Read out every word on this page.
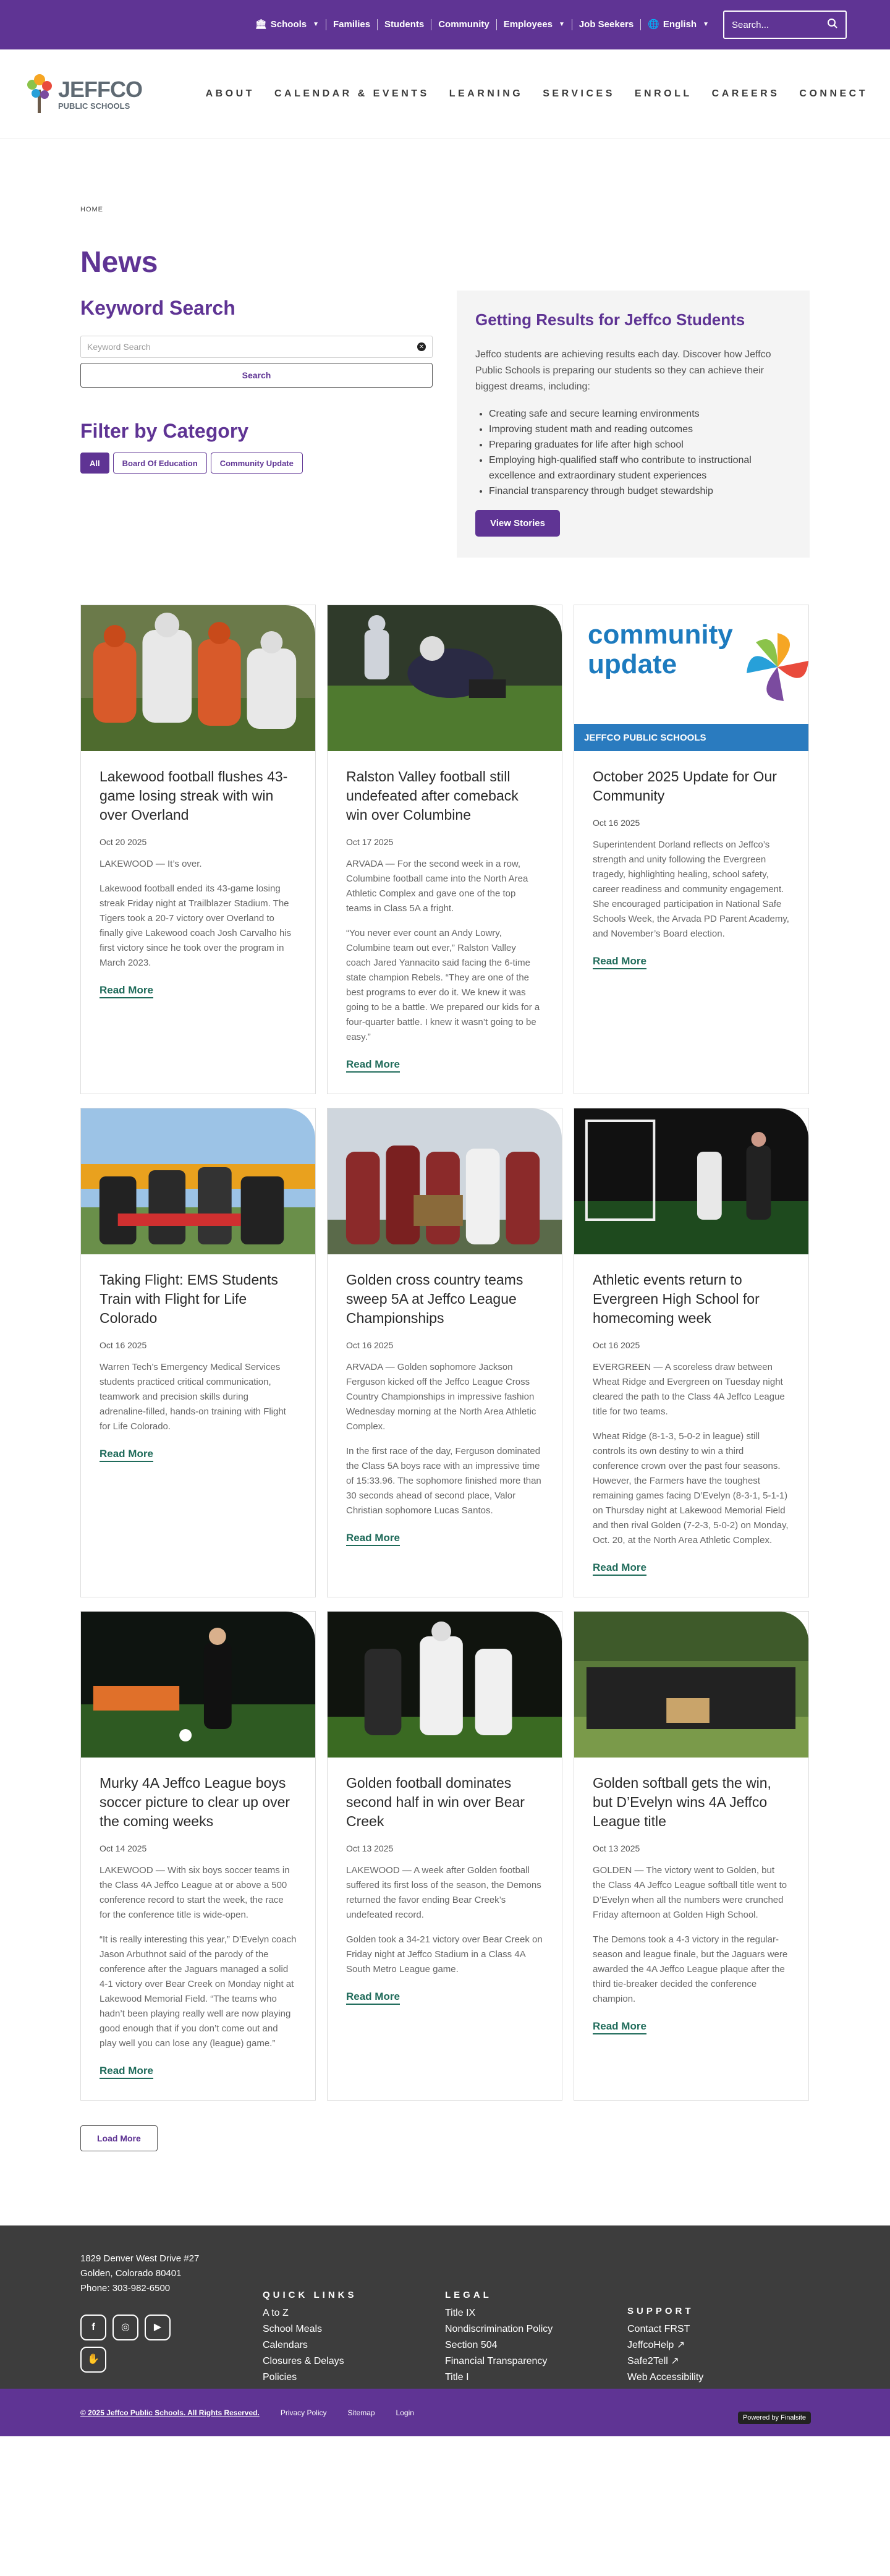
🏛 Schools ▼ Families Students Community Employees ▼ Job Seekers 🌐 English ▼ Search...
JEFFCO
PUBLIC SCHOOLS
ABOUT CALENDAR & EVENTS LEARNING SERVICES ENROLL CAREERS CONNECT
HOME
News
Keyword Search
Keyword Search	✕
Search
Filter by Category
All	Board Of Education	Community Update
Getting Results for Jeffco Students

Jeffco students are achieving results each day. Discover how Jeffco Public Schools is preparing our students so they can achieve their biggest dreams, including:

• Creating safe and secure learning environments
• Improving student math and reading outcomes
• Preparing graduates for life after high school
• Employing high-qualified staff who contribute to instructional excellence and extraordinary student experiences
• Financial transparency through budget stewardship
View Stories
Lakewood football flushes 43-game losing streak with win over Overland
Oct 20 2025

LAKEWOOD — It’s over.

Lakewood football ended its 43-game losing streak Friday night at Trailblazer Stadium. The Tigers took a 20-7 victory over Overland to finally give Lakewood coach Josh Carvalho his first victory since he took over the program in March 2023.

Read More
Ralston Valley football still undefeated after comeback win over Columbine
Oct 17 2025

ARVADA — For the second week in a row, Columbine football came into the North Area Athletic Complex and gave one of the top teams in Class 5A a fright.

“You never ever count an Andy Lowry, Columbine team out ever,” Ralston Valley coach Jared Yannacito said facing the 6-time state champion Rebels. “They are one of the best programs to ever do it. We knew it was going to be a battle. We prepared our kids for a four-quarter battle. I knew it wasn’t going to be easy.”

Read More
community
update
JEFFCO PUBLIC SCHOOLS
October 2025 Update for Our Community
Oct 16 2025

Superintendent Dorland reflects on Jeffco’s strength and unity following the Evergreen tragedy, highlighting healing, school safety, career readiness and community engagement. She encouraged participation in National Safe Schools Week, the Arvada PD Parent Academy, and November’s Board election.

Read More
Taking Flight: EMS Students Train with Flight for Life Colorado
Oct 16 2025

Warren Tech’s Emergency Medical Services students practiced critical communication, teamwork and precision skills during adrenaline-filled, hands-on training with Flight for Life Colorado.

Read More
Golden cross country teams sweep 5A at Jeffco League Championships
Oct 16 2025

ARVADA — Golden sophomore Jackson Ferguson kicked off the Jeffco League Cross Country Championships in impressive fashion Wednesday morning at the North Area Athletic Complex.

In the first race of the day, Ferguson dominated the Class 5A boys race with an impressive time of 15:33.96. The sophomore finished more than 30 seconds ahead of second place, Valor Christian sophomore Lucas Santos.

Read More
Athletic events return to Evergreen High School for homecoming week
Oct 16 2025

EVERGREEN — A scoreless draw between Wheat Ridge and Evergreen on Tuesday night cleared the path to the Class 4A Jeffco League title for two teams.

Wheat Ridge (8-1-3, 5-0-2 in league) still controls its own destiny to win a third conference crown over the past four seasons. However, the Farmers have the toughest remaining games facing D’Evelyn (8-3-1, 5-1-1) on Thursday night at Lakewood Memorial Field and then rival Golden (7-2-3, 5-0-2) on Monday, Oct. 20, at the North Area Athletic Complex.

Read More
Murky 4A Jeffco League boys soccer picture to clear up over the coming weeks
Oct 14 2025

LAKEWOOD — With six boys soccer teams in the Class 4A Jeffco League at or above a 500 conference record to start the week, the race for the conference title is wide-open.

“It is really interesting this year,” D’Evelyn coach Jason Arbuthnot said of the parody of the conference after the Jaguars managed a solid 4-1 victory over Bear Creek on Monday night at Lakewood Memorial Field. “The teams who hadn’t been playing really well are now playing good enough that if you don’t come out and play well you can lose any (league) game.”

Read More
Golden football dominates second half in win over Bear Creek
Oct 13 2025

LAKEWOOD — A week after Golden football suffered its first loss of the season, the Demons returned the favor ending Bear Creek’s undefeated record.

Golden took a 34-21 victory over Bear Creek on Friday night at Jeffco Stadium in a Class 4A South Metro League game.

Read More
Golden softball gets the win, but D’Evelyn wins 4A Jeffco League title
Oct 13 2025

GOLDEN — The victory went to Golden, but the Class 4A Jeffco League softball title went to D’Evelyn when all the numbers were crunched Friday afternoon at Golden High School.

The Demons took a 4-3 victory in the regular-season and league finale, but the Jaguars were awarded the 4A Jeffco League plaque after the third tie-breaker decided the conference champion.

Read More
Load More
1829 Denver West Drive #27
Golden, Colorado 80401
Phone: 303-982-6500
f	◎	▶
✋
QUICK LINKS
A to Z
School Meals
Calendars
Closures & Delays
Policies
LEGAL
Title IX
Nondiscrimination Policy
Section 504
Financial Transparency
Title I
SUPPORT
Contact FRST
JeffcoHelp ↗
Safe2Tell ↗
Web Accessibility
© 2025 Jeffco Public Schools. All Rights Reserved.	Privacy Policy	Sitemap	Login
Powered by Finalsite
